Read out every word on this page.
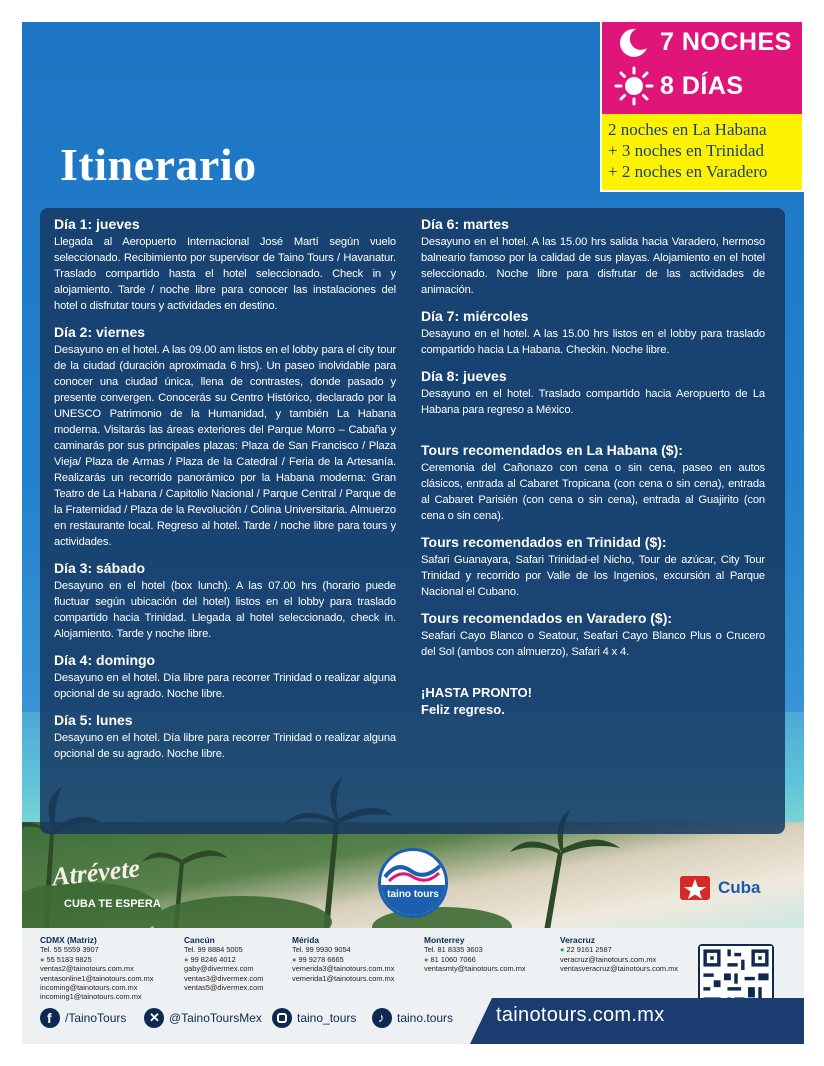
7 NOCHES
8 DÍAS
2 noches en La Habana
+ 3 noches en Trinidad
+ 2 noches en Varadero
Itinerario
Día 1: jueves

Llegada al Aeropuerto Internacional José Martí según vuelo seleccionado. Recibimiento por supervisor de Taino Tours / Havanatur. Traslado compartido hasta el hotel seleccionado. Check in y alojamiento. Tarde / noche libre para conocer las instalaciones del hotel o disfrutar tours y actividades en destino.

Día 2: viernes

Desayuno en el hotel. A las 09.00 am listos en el lobby para el city tour de la ciudad (duración aproximada 6 hrs). Un paseo inolvidable para conocer una ciudad única, llena de contrastes, donde pasado y presente convergen. Conocerás su Centro Histórico, declarado por la UNESCO Patrimonio de la Humanidad, y también La Habana moderna. Visitarás las áreas exteriores del Parque Morro – Cabaña y caminarás por sus principales plazas: Plaza de San Francisco / Plaza Vieja/ Plaza de Armas / Plaza de la Catedral / Feria de la Artesanía. Realizarás un recorrido panorámico por la Habana moderna: Gran Teatro de La Habana / Capitolio Nacional / Parque Central / Parque de la Fraternidad / Plaza de la Revolución / Colina Universitaria. Almuerzo en restaurante local. Regreso al hotel. Tarde / noche libre para tours y actividades.

Día 3: sábado

Desayuno en el hotel (box lunch). A las 07.00 hrs (horario puede fluctuar según ubicación del hotel) listos en el lobby para traslado compartido hacia Trinidad. Llegada al hotel seleccionado, check in. Alojamiento. Tarde y noche libre.

Día 4: domingo

Desayuno en el hotel. Día libre para recorrer Trinidad o realizar alguna opcional de su agrado. Noche libre.

Día 5: lunes

Desayuno en el hotel. Día libre para recorrer Trinidad o realizar alguna opcional de su agrado. Noche libre.

Día 6: martes

Desayuno en el hotel. A las 15.00 hrs salida hacia Varadero, hermoso balneario famoso por la calidad de sus playas. Alojamiento en el hotel seleccionado. Noche libre para disfrutar de las actividades de animación.

Día 7: miércoles

Desayuno en el hotel. A las 15.00 hrs listos en el lobby para traslado compartido hacia La Habana. Checkin. Noche libre.

Día 8: jueves

Desayuno en el hotel. Traslado compartido hacia Aeropuerto de La Habana para regreso a México.

Tours recomendados en La Habana ($):

Ceremonia del Cañonazo con cena o sin cena, paseo en autos clásicos, entrada al Cabaret Tropicana (con cena o sin cena), entrada al Cabaret Parisién (con cena o sin cena), entrada al Guajirito (con cena o sin cena).

Tours recomendados en Trinidad ($):

Safari Guanayara, Safari Trinidad-el Nicho, Tour de azúcar, City Tour Trinidad y recorrido por Valle de los Ingenios, excursión al Parque Nacional el Cubano.

Tours recomendados en Varadero ($):

Seafari Cayo Blanco o Seatour, Seafari Cayo Blanco Plus o Crucero del Sol (ambos con almuerzo), Safari 4 x 4.

¡HASTA PRONTO!
Feliz regreso.
Atrévete
CUBA TE ESPERA
taino tours	Cuba
CDMX (Matriz)
Tel. 55 5559 3907
● 55 5183 9825
ventas2@tainotours.com.mx
ventasonline1@tainotours.com.mx
incoming@tainotours.com.mx
incoming1@tainotours.com.mx
Cancún
Tel. 99 8884 5005
● 99 8246 4012
gaby@divermex.com
ventas3@divermex.com
ventas5@divermex.com
Mérida
Tel. 99 9930 9054
● 99 9278 6665
vemerida3@tainotours.com.mx
vemerida1@tainotours.com.mx
Monterrey
Tel. 81 8335 3603
● 81 1060 7066
ventasmty@tainotours.com.mx
Veracruz
● 22 9161 2587
veracruz@tainotours.com.mx
ventasveracruz@tainotours.com.mx
f /TainoTours ✕ @TainoToursMex	taino_tours ♪ taino.tours tainotours.com.mx
